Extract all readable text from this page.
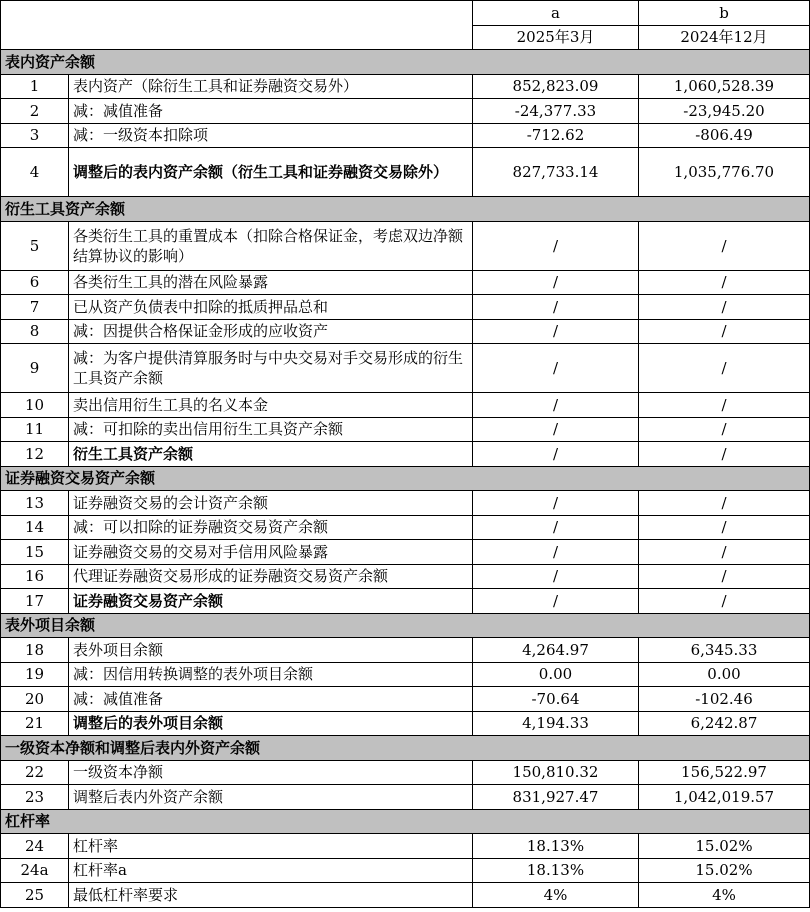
		a	b
		2025年3月	2024年12月
表内资产余额			
1	表内资产（除衍生工具和证券融资交易外）	852,823.09	1,060,528.39
2	减：减值准备	-24,377.33	-23,945.20
3	减：一级资本扣除项	-712.62	-806.49
4	调整后的表内资产余额（衍生工具和证券融资交易除外）	827,733.14	1,035,776.70
衍生工具资产余额			
5	各类衍生工具的重置成本（扣除合格保证金，考虑双边净额结算协议的影响）	/	/
6	各类衍生工具的潜在风险暴露	/	/
7	已从资产负债表中扣除的抵质押品总和	/	/
8	减：因提供合格保证金形成的应收资产	/	/
9	减：为客户提供清算服务时与中央交易对手交易形成的衍生工具资产余额	/	/
10	卖出信用衍生工具的名义本金	/	/
11	减：可扣除的卖出信用衍生工具资产余额	/	/
12	衍生工具资产余额	/	/
证券融资交易资产余额			
13	证券融资交易的会计资产余额	/	/
14	减：可以扣除的证券融资交易资产余额	/	/
15	证券融资交易的交易对手信用风险暴露	/	/
16	代理证券融资交易形成的证券融资交易资产余额	/	/
17	证券融资交易资产余额	/	/
表外项目余额			
18	表外项目余额	4,264.97	6,345.33
19	减：因信用转换调整的表外项目余额	0.00	0.00
20	减：减值准备	-70.64	-102.46
21	调整后的表外项目余额	4,194.33	6,242.87
一级资本净额和调整后表内外资产余额			
22	一级资本净额	150,810.32	156,522.97
23	调整后表内外资产余额	831,927.47	1,042,019.57
杠杆率			
24	杠杆率	18.13%	15.02%
24a	杠杆率a	18.13%	15.02%
25	最低杠杆率要求	4%	4%
